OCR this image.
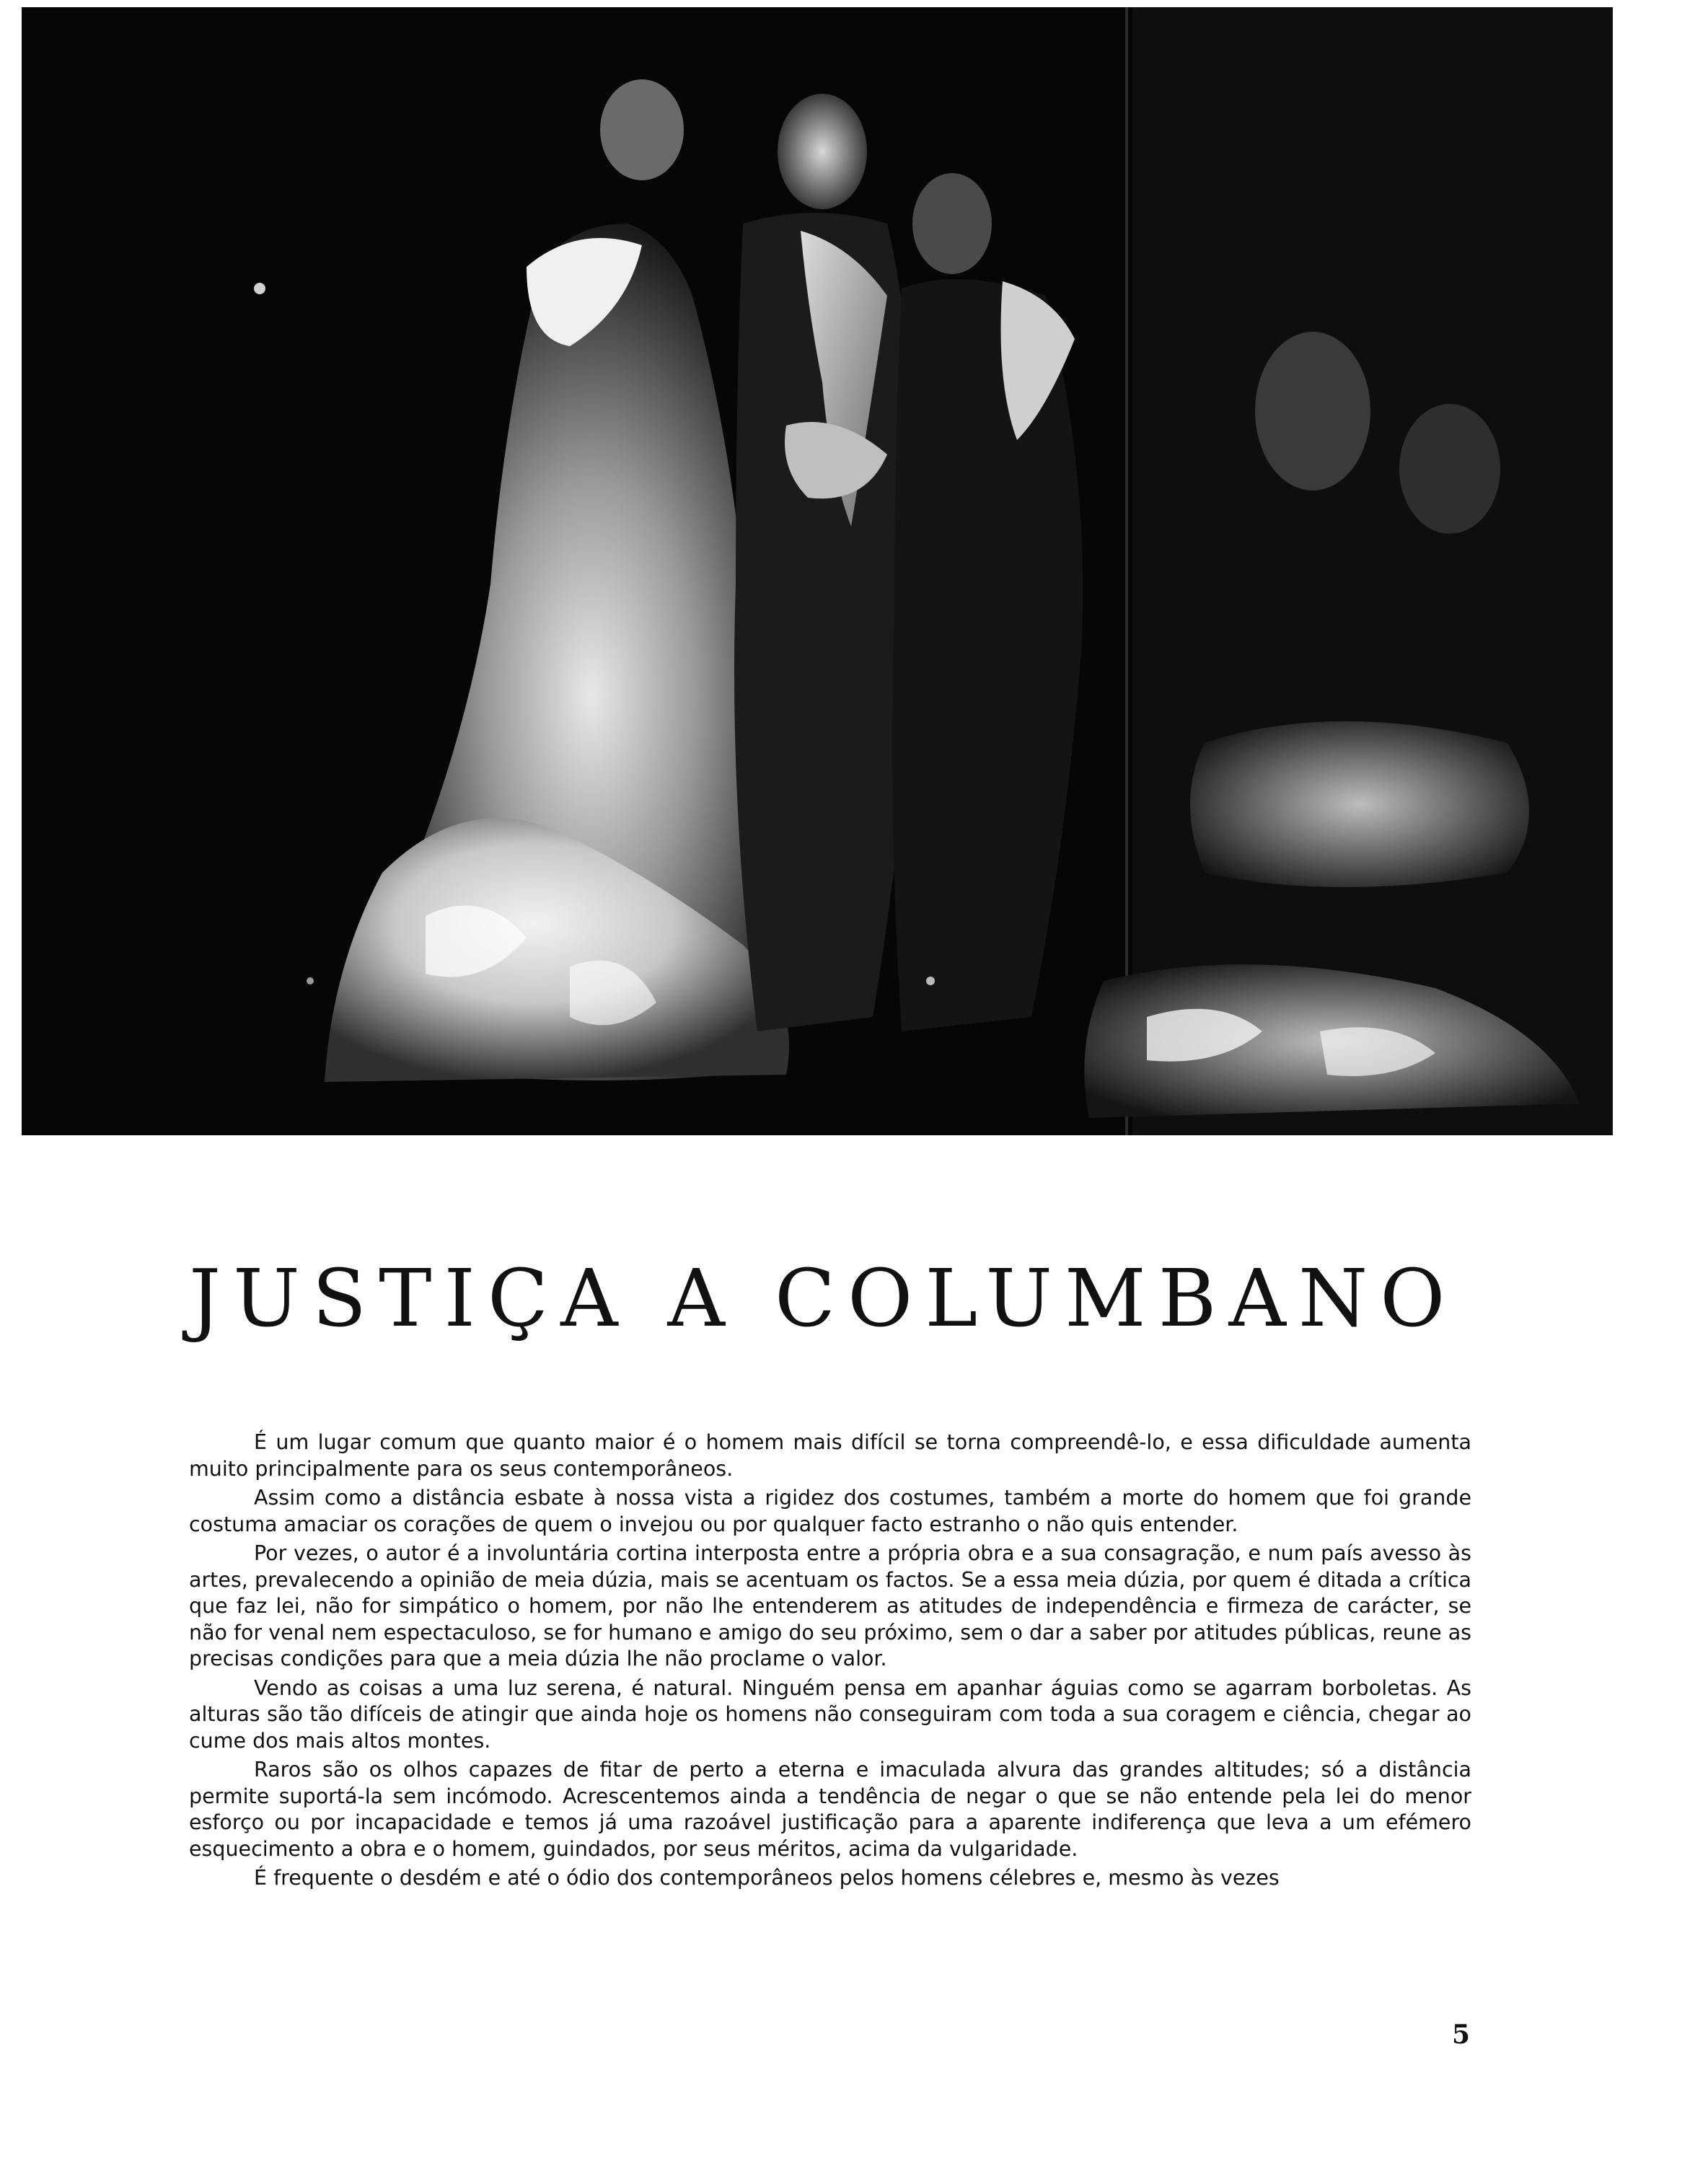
JUSTIÇA A COLUMBANO

É um lugar comum que quanto maior é o homem mais difícil se torna compreendê-lo, e essa dificuldade aumenta muito principalmente para os seus contemporâneos.

Assim como a distância esbate à nossa vista a rigidez dos costumes, também a morte do homem que foi grande costuma amaciar os corações de quem o invejou ou por qualquer facto estranho o não quis entender.

Por vezes, o autor é a involuntária cortina interposta entre a própria obra e a sua consagração, e num país avesso às artes, prevalecendo a opinião de meia dúzia, mais se acentuam os factos. Se a essa meia dúzia, por quem é ditada a crítica que faz lei, não for simpático o homem, por não lhe entenderem as atitudes de independência e firmeza de carácter, se não for venal nem espectaculoso, se for humano e amigo do seu próximo, sem o dar a saber por atitudes públicas, reune as precisas condições para que a meia dúzia lhe não proclame o valor.

Vendo as coisas a uma luz serena, é natural. Ninguém pensa em apanhar águias como se agarram borboletas. As alturas são tão difíceis de atingir que ainda hoje os homens não conseguiram com toda a sua coragem e ciência, chegar ao cume dos mais altos montes.

Raros são os olhos capazes de fitar de perto a eterna e imaculada alvura das grandes altitudes; só a distância permite suportá-la sem incómodo. Acrescentemos ainda a tendência de negar o que se não entende pela lei do menor esforço ou por incapacidade e temos já uma razoável justificação para a aparente indiferença que leva a um efémero esquecimento a obra e o homem, guindados, por seus méritos, acima da vulgaridade.

É frequente o desdém e até o ódio dos contemporâneos pelos homens célebres e, mesmo às vezes

5
